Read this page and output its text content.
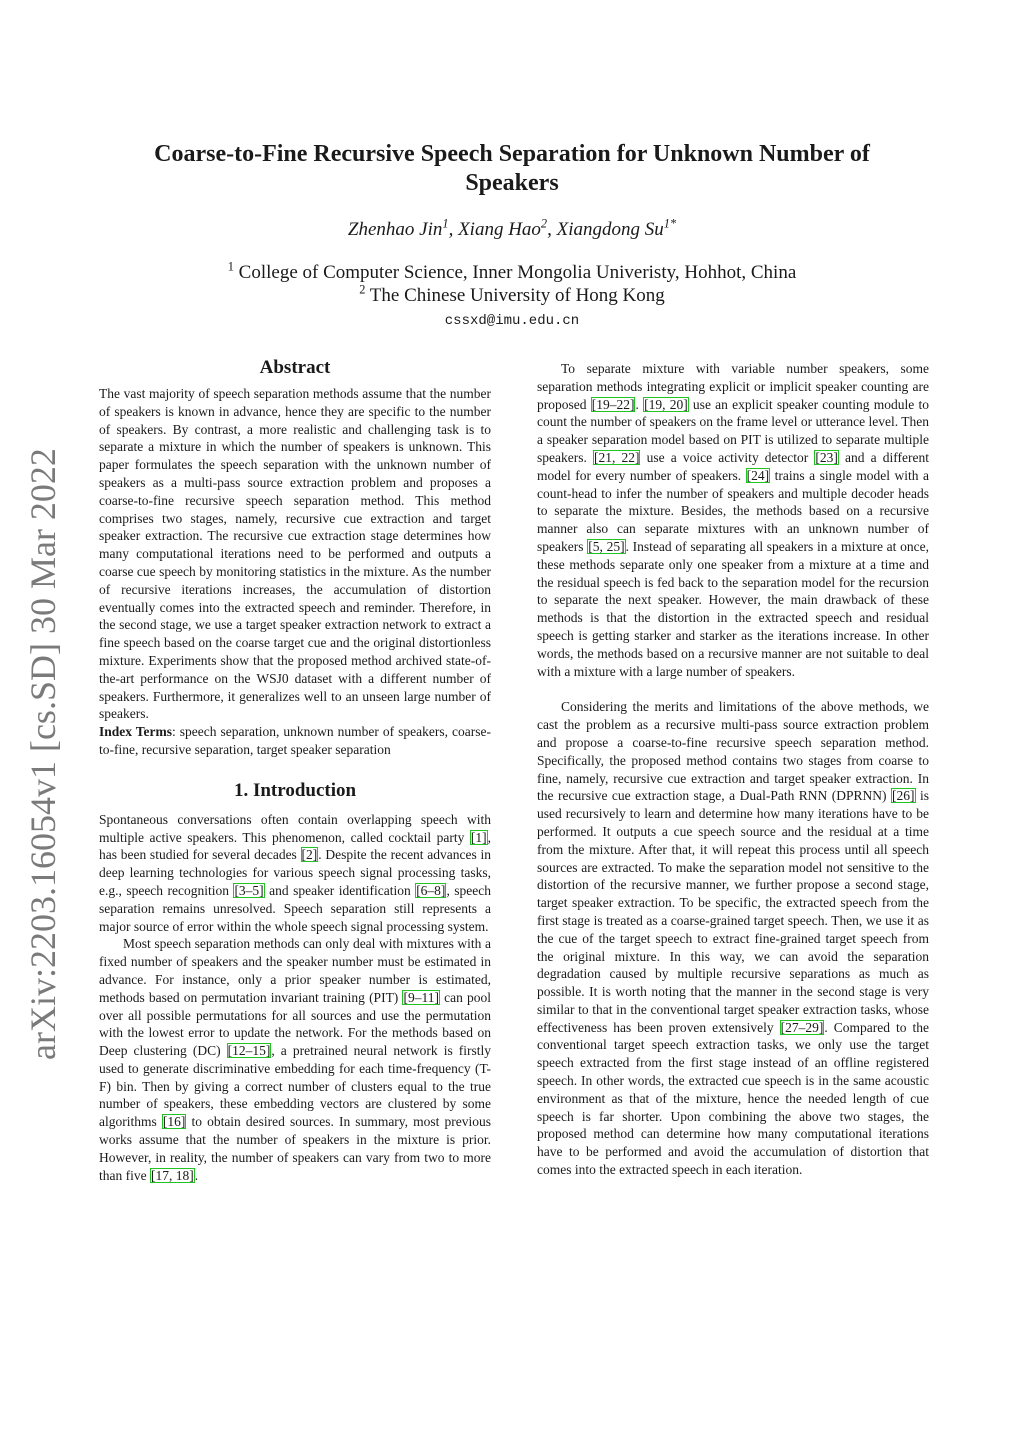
arXiv:2203.16054v1 [cs.SD] 30 Mar 2022
Coarse-to-Fine Recursive Speech Separation for Unknown Number of Speakers
Zhenhao Jin$^1$, Xiang Hao$^2$, Xiangdong $Su^{1*}$
$^1$ College of Computer Science, Inner Mongolia Univeristy, Hohhot, China
$^2$ The Chinese University of Hong Kong
cssxd@imu.edu.cn
Abstract

The vast majority of speech separation methods assume that the number of speakers is known in advance, hence they are specific to the number of speakers. By contrast, a more realistic and challenging task is to separate a mixture in which the number of speakers is unknown. This paper formulates the speech separation with the unknown number of speakers as a multi-pass source extraction problem and proposes a coarse-to-fine recursive speech separation method. This method comprises two stages, namely, recursive cue extraction and target speaker extraction. The recursive cue extraction stage determines how many computational iterations need to be performed and outputs a coarse cue speech by monitoring statistics in the mixture. As the number of recursive iterations increases, the accumulation of distortion eventually comes into the extracted speech and reminder. Therefore, in the second stage, we use a target speaker extraction network to extract a fine speech based on the coarse target cue and the original distortionless mixture. Experiments show that the proposed method archived state-of-the-art performance on the WSJ0 dataset with a different number of speakers. Furthermore, it generalizes well to an unseen large number of speakers.

Index Terms: speech separation, unknown number of speakers, coarse-to-fine, recursive separation, target speaker separation

1. Introduction

Spontaneous conversations often contain overlapping speech with multiple active speakers. This phenomenon, called cocktail party [1], has been studied for several decades [2]. Despite the recent advances in deep learning technologies for various speech signal processing tasks, e.g., speech recognition [3–5] and speaker identification [6–8], speech separation remains unresolved. Speech separation still represents a major source of error within the whole speech signal processing system.

Most speech separation methods can only deal with mixtures with a fixed number of speakers and the speaker number must be estimated in advance. For instance, only a prior speaker number is estimated, methods based on permutation invariant training (PIT) [9–11] can pool over all possible permutations for all sources and use the permutation with the lowest error to update the network. For the methods based on Deep clustering (DC) [12–15], a pretrained neural network is firstly used to generate discriminative embedding for each time-frequency (T-F) bin. Then by giving a correct number of clusters equal to the true number of speakers, these embedding vectors are clustered by some algorithms [16] to obtain desired sources. In summary, most previous works assume that the number of speakers in the mixture is prior. However, in reality, the number of speakers can vary from two to more than five [17, 18].

To separate mixture with variable number speakers, some separation methods integrating explicit or implicit speaker counting are proposed [19–22]. [19, 20] use an explicit speaker counting module to count the number of speakers on the frame level or utterance level. Then a speaker separation model based on PIT is utilized to separate multiple speakers. [21, 22] use a voice activity detector [23] and a different model for every number of speakers. [24] trains a single model with a count-head to infer the number of speakers and multiple decoder heads to separate the mixture. Besides, the methods based on a recursive manner also can separate mixtures with an unknown number of speakers [5, 25]. Instead of separating all speakers in a mixture at once, these methods separate only one speaker from a mixture at a time and the residual speech is fed back to the separation model for the recursion to separate the next speaker. However, the main drawback of these methods is that the distortion in the extracted speech and residual speech is getting starker and starker as the iterations increase. In other words, the methods based on a recursive manner are not suitable to deal with a mixture with a large number of speakers.

Considering the merits and limitations of the above methods, we cast the problem as a recursive multi-pass source extraction problem and propose a coarse-to-fine recursive speech separation method. Specifically, the proposed method contains two stages from coarse to fine, namely, recursive cue extraction and target speaker extraction. In the recursive cue extraction stage, a Dual-Path RNN (DPRNN) [26] is used recursively to learn and determine how many iterations have to be performed. It outputs a cue speech source and the residual at a time from the mixture. After that, it will repeat this process until all speech sources are extracted. To make the separation model not sensitive to the distortion of the recursive manner, we further propose a second stage, target speaker extraction. To be specific, the extracted speech from the first stage is treated as a coarse-grained target speech. Then, we use it as the cue of the target speech to extract fine-grained target speech from the original mixture. In this way, we can avoid the separation degradation caused by multiple recursive separations as much as possible. It is worth noting that the manner in the second stage is very similar to that in the conventional target speaker extraction tasks, whose effectiveness has been proven extensively [27–29]. Compared to the conventional target speech extraction tasks, we only use the target speech extracted from the first stage instead of an offline registered speech. In other words, the extracted cue speech is in the same acoustic environment as that of the mixture, hence the needed length of cue speech is far shorter. Upon combining the above two stages, the proposed method can determine how many computational iterations have to be performed and avoid the accumulation of distortion that comes into the extracted speech in each iteration.
